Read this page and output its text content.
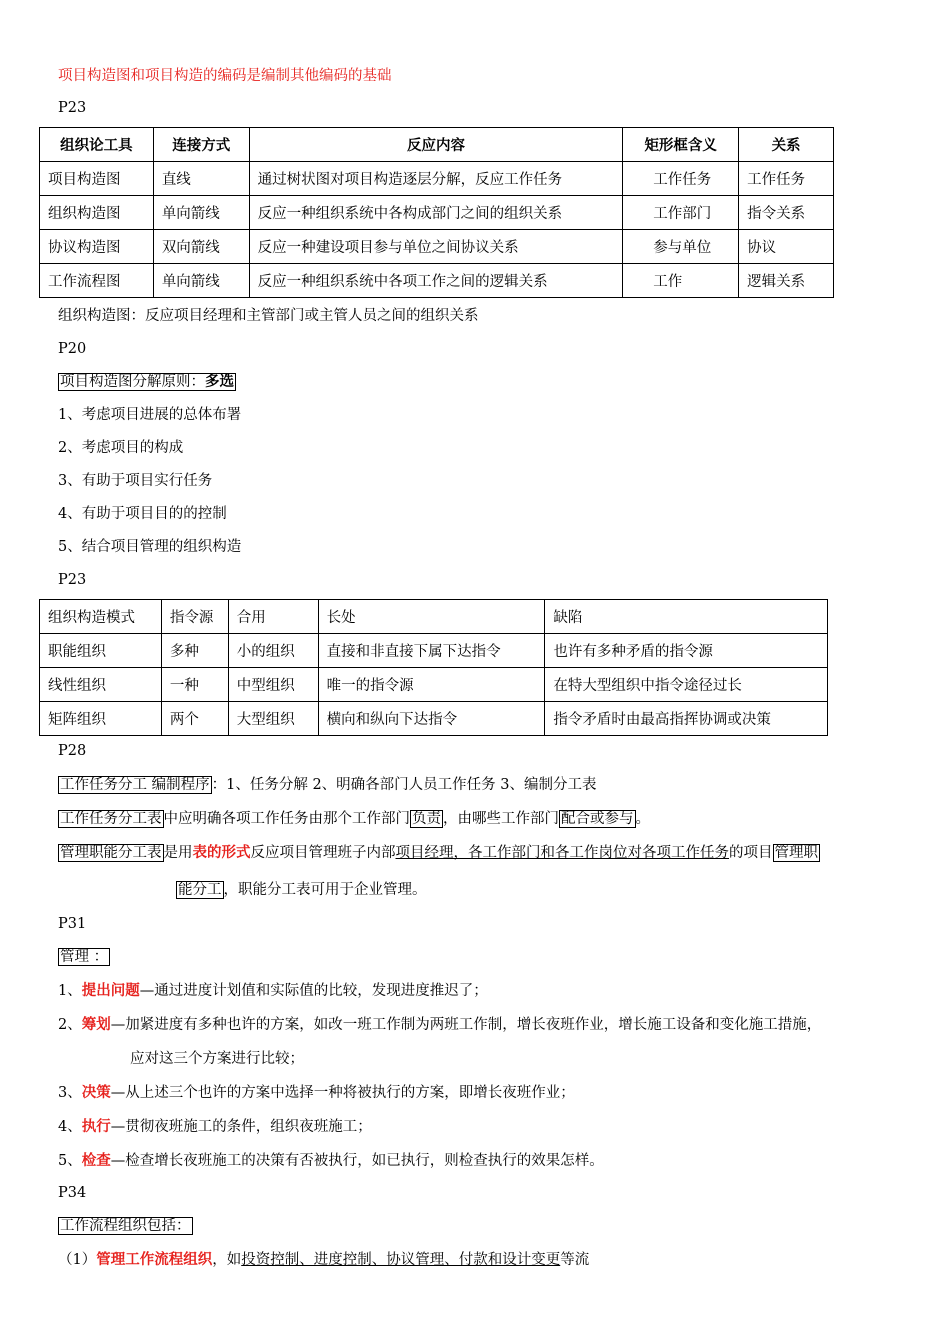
项目构造图和项目构造的编码是编制其他编码的基础
P23
组织论工具	连接方式	反应内容	矩形框含义	关系
项目构造图	直线	通过树状图对项目构造逐层分解，反应工作任务	工作任务	工作任务
组织构造图	单向箭线	反应一种组织系统中各构成部门之间的组织关系	工作部门	指令关系
协议构造图	双向箭线	反应一种建设项目参与单位之间协议关系	参与单位	协议
工作流程图	单向箭线	反应一种组织系统中各项工作之间的逻辑关系	工作	逻辑关系
组织构造图：反应项目经理和主管部门或主管人员之间的组织关系
P20
项目构造图分解原则：多选
1、考虑项目进展的总体布署
2、考虑项目的构成
3、有助于项目实行任务
4、有助于项目目的的控制
5、结合项目管理的组织构造
P23
组织构造模式	指令源	合用	长处	缺陷
职能组织	多种	小的组织	直接和非直接下属下达指令	也许有多种矛盾的指令源
线性组织	一种	中型组织	唯一的指令源	在特大型组织中指令途径过长
矩阵组织	两个	大型组织	横向和纵向下达指令	指令矛盾时由最高指挥协调或决策
P28
工作任务分工 编制程序 ：1、任务分解 2、明确各部门人员工作任务 3、编制分工表
工作任务分工表 中应明确各项工作任务由那个工作部门 负责 ，由哪些工作部门 配合或参与 。
管理职能分工表 是用表的形式反应项目管理班子内部项目经理，各工作部门和各工作岗位对各项工作任务的项目 管理职
能分工 ，职能分工表可用于企业管理。
P31
管理 ：
1、提出问题—通过进度计划值和实际值的比较，发现进度推迟了；
2、筹划—加紧进度有多种也许的方案，如改一班工作制为两班工作制，增长夜班作业，增长施工设备和变化施工措施，
应对这三个方案进行比较；
3、决策—从上述三个也许的方案中选择一种将被执行的方案，即增长夜班作业；
4、执行—贯彻夜班施工的条件，组织夜班施工；
5、检查—检查增长夜班施工的决策有否被执行，如已执行，则检查执行的效果怎样。
P34
工作流程组织包括：
（1）管理工作流程组织，如投资控制、进度控制、协议管理、付款和设计变更等流
